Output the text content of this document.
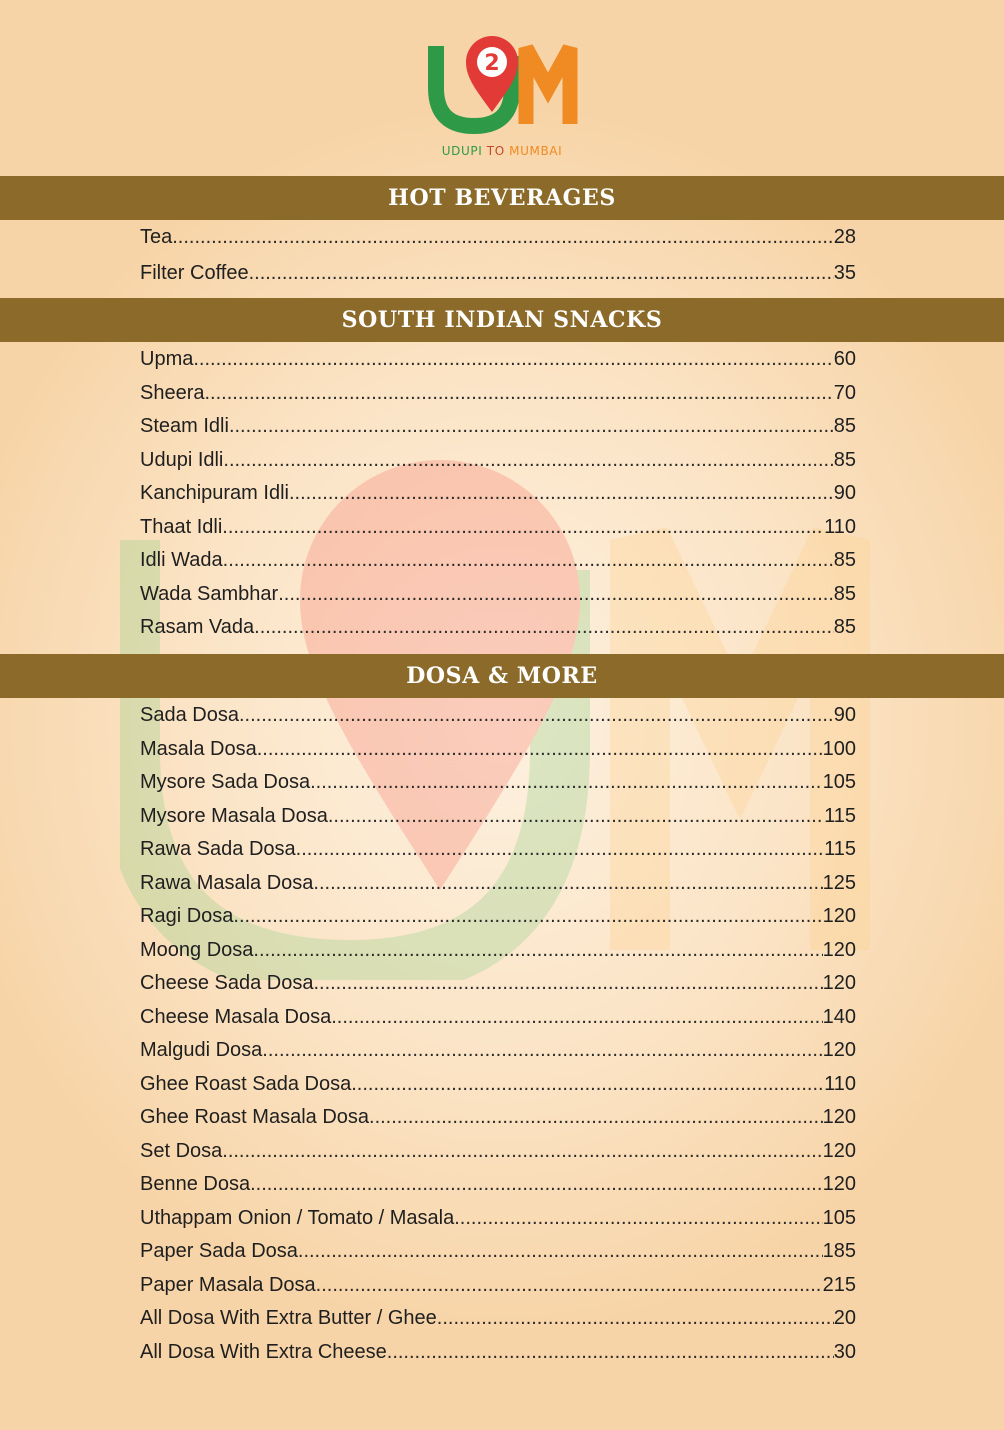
2
UDUPI TO MUMBAI
HOT BEVERAGES
Tea .....	28
Filter Coffee .....	35
SOUTH INDIAN SNACKS
Upma .....	60
Sheera .....	70
Steam Idli .....	85
Udupi Idli .....	85
Kanchipuram Idli .....	90
Thaat Idli .....	110
Idli Wada .....	85
Wada Sambhar .....	85
Rasam Vada .....	85
DOSA & MORE
Sada Dosa .....	90
Masala Dosa .....	100
Mysore Sada Dosa .....	105
Mysore Masala Dosa .....	115
Rawa Sada Dosa .....	115
Rawa Masala Dosa .....	125
Ragi Dosa .....	120
Moong Dosa .....	120
Cheese Sada Dosa .....	120
Cheese Masala Dosa .....	140
Malgudi Dosa .....	120
Ghee Roast Sada Dosa .....	110
Ghee Roast Masala Dosa .....	120
Set Dosa .....	120
Benne Dosa .....	120
Uthappam Onion / Tomato / Masala .....	105
Paper Sada Dosa .....	185
Paper Masala Dosa .....	215
All Dosa With Extra Butter / Ghee .....	20
All Dosa With Extra Cheese .....	30
